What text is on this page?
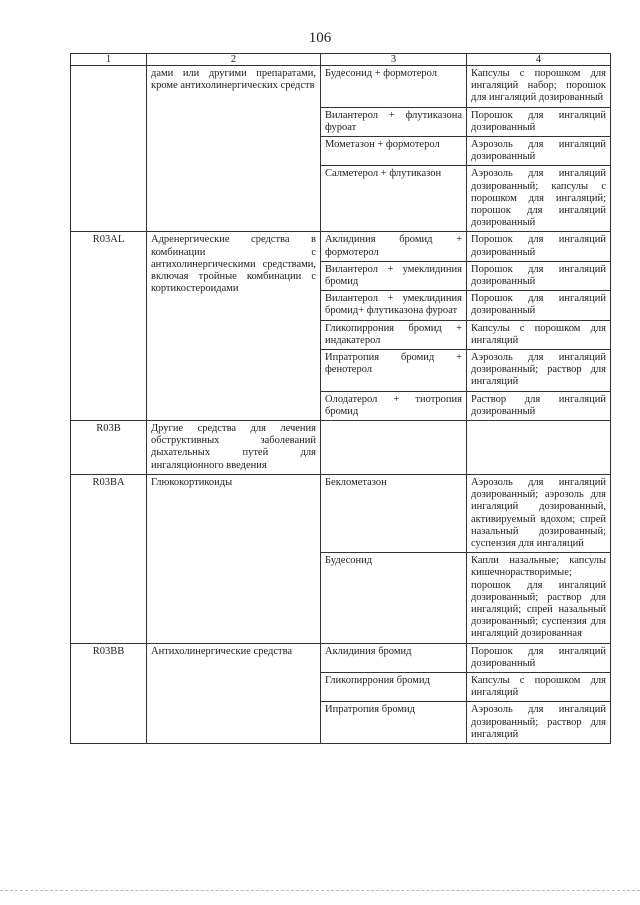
106
1	2	3	4
	дами или другими препаратами, кроме антихолинергических средств	Будесонид + формотерол	Капсулы с порошком для ингаляций набор; порошок для ингаляций дозированный
		Вилантерол + флутиказона фуроат	Порошок для ингаляций дозированный
		Мометазон + формотерол	Аэрозоль для ингаляций дозированный
		Салметерол + флутиказон	Аэрозоль для ингаляций дозированный; капсулы с порошком для ингаляций; порошок для ингаляций дозированный
R03AL	Адренергические средства в комбинации с антихолинергическими средствами, включая тройные комбинации с кортикостероидами	Аклидиния бромид + формотерол	Порошок для ингаляций дозированный
		Вилантерол + умеклидиния бромид	Порошок для ингаляций дозированный
		Вилантерол + умеклидиния бромид+ флутиказона фуроат	Порошок для ингаляций дозированный
		Гликопиррония бромид + индакатерол	Капсулы с порошком для ингаляций
		Ипратропия бромид + фенотерол	Аэрозоль для ингаляций дозированный; раствор для ингаляций
		Олодатерол + тиотропия бромид	Раствор для ингаляций дозированный
R03B	Другие средства для лечения обструктивных заболеваний дыхательных путей для ингаляционного введения		
R03BA	Глюкокортикоиды	Беклометазон	Аэрозоль для ингаляций дозированный; аэрозоль для ингаляций дозированный, активируемый вдохом; спрей назальный дозированный; суспензия для ингаляций
		Будесонид	Капли назальные; капсулы кишечнорастворимые; порошок для ингаляций дозированный; раствор для ингаляций; спрей назальный дозированный; суспензия для ингаляций дозированная
R03BB	Антихолинергические средства	Аклидиния бромид	Порошок для ингаляций дозированный
		Гликопиррония бромид	Капсулы с порошком для ингаляций
		Ипратропия бромид	Аэрозоль для ингаляций дозированный; раствор для ингаляций
